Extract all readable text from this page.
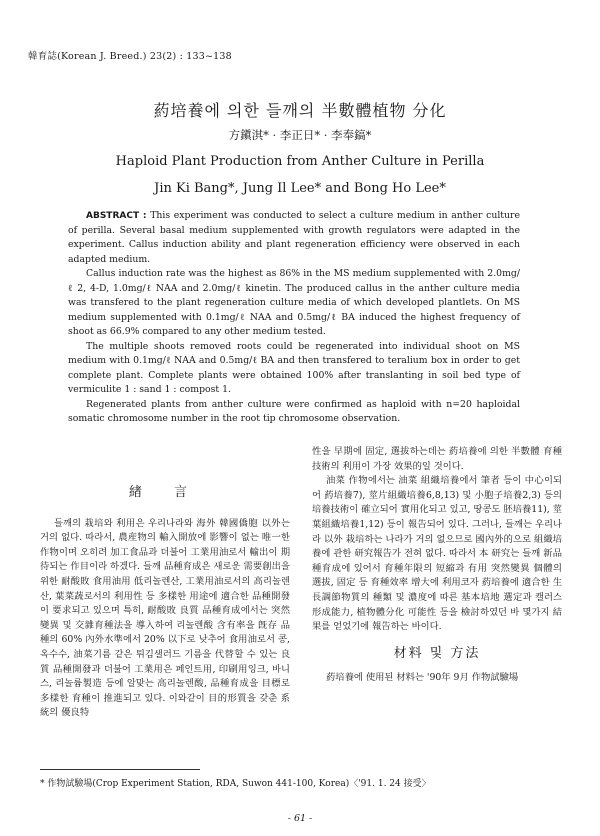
韓育誌(Korean J. Breed.) 23(2) : 133~138
葯培養에 의한 들깨의 半數體植物 分化
方鎭淇* · 李正日* · 李奉鎬*
Haploid Plant Production from Anther Culture in Perilla
Jin Ki Bang*, Jung Il Lee* and Bong Ho Lee*

ABSTRACT : This experiment was conducted to select a culture medium in anther culture of perilla. Several basal medium supplemented with growth regulators were adapted in the experiment. Callus induction ability and plant regeneration efficiency were observed in each adapted medium.

Callus induction rate was the highest as 86% in the MS medium supplemented with 2.0mg/ℓ 2, 4-D, 1.0mg/ℓ NAA and 2.0mg/ℓ kinetin. The produced callus in the anther culture media was transfered to the plant regeneration culture media of which developed plantlets. On MS medium supplemented with 0.1mg/ℓ NAA and 0.5mg/ℓ BA induced the highest frequency of shoot as 66.9% compared to any other medium tested.

The multiple shoots removed roots could be regenerated into individual shoot on MS medium with 0.1mg/ℓ NAA and 0.5mg/ℓ BA and then transfered to teralium box in order to get complete plant. Complete plants were obtained 100% after translanting in soil bed type of vermiculite 1 : sand 1 : compost 1.

Regenerated plants from anther culture were confirmed as haploid with n=20 haploidal somatic chromosome number in the root tip chromosome observation.

緖 言

들깨의 栽培와 利用은 우리나라와 海外 韓國僑胞 以外는 거의 없다. 따라서, 農産物의 輸入開放에 影響이 없는 唯一한 作物이며 오히려 加工食品과 더불어 工業用油로서 輸出이 期待되는 作目이라 하겠다. 들깨 品種育成은 새로운 需要創出을 위한 耐酸敗 食用油用 低리놀렌산, 工業用油로서의 高리놀렌산, 葉菜蔬로서의 利用性 등 多樣한 用途에 適合한 品種開發이 要求되고 있으며 특히, 耐酸敗 良質 品種育成에서는 突然變異 및 交雜育種法을 導入하여 리놀렌酸 含有率을 旣存 品種의 60% 內外水準에서 20% 以下로 낮추어 食用油로서 콩, 옥수수, 油菜기름 같은 튀김샐러드 기름을 代替할 수 있는 良質 品種開發과 더불어 工業用은 페인트用, 印刷用잉크, 바니스, 리놀륨製造 등에 알맞는 高리놀렌酸, 品種育成을 目標로 多樣한 育種이 推進되고 있다. 이와같이 目的形質을 갖춘 系統의 優良特

性을 早期에 固定, 選拔하는데는 葯培養에 의한 半數體 育種技術의 利用이 가장 效果的일 것이다.

油菜 作物에서는 油菜 組織培養에서 筆者 등이 中心이되어 葯培養7), 莖片組織培養6,8,13) 및 小胞子培養2,3) 등의 培養技術이 確立되어 實用化되고 있고, 땅콩도 胚培養11), 莖葉組織培養1,12) 등이 報告되어 있다. 그러나, 들깨는 우리나라 以外 栽培하는 나라가 거의 없으므로 國內外的으로 組織培養에 관한 研究報告가 전혀 없다. 따라서 本 研究는 들깨 新品種育成에 있어서 育種年限의 短縮과 有用 突然變異 個體의 選拔, 固定 등 育種效率 增大에 利用코자 葯培養에 適合한 生長調節物質의 種類 및 濃度에 따른 基本培地 選定과 캘러스形成能力, 植物體分化 可能性 등을 檢討하였던 바 몇가지 結果를 얻었기에 報告하는 바이다.

材料 및 方法

葯培養에 使用된 材料는 '90年 9月 作物試驗場

* 作物試驗場(Crop Experiment Station, RDA, Suwon 441-100, Korea)〈'91. 1. 24 接受〉
- 61 -
